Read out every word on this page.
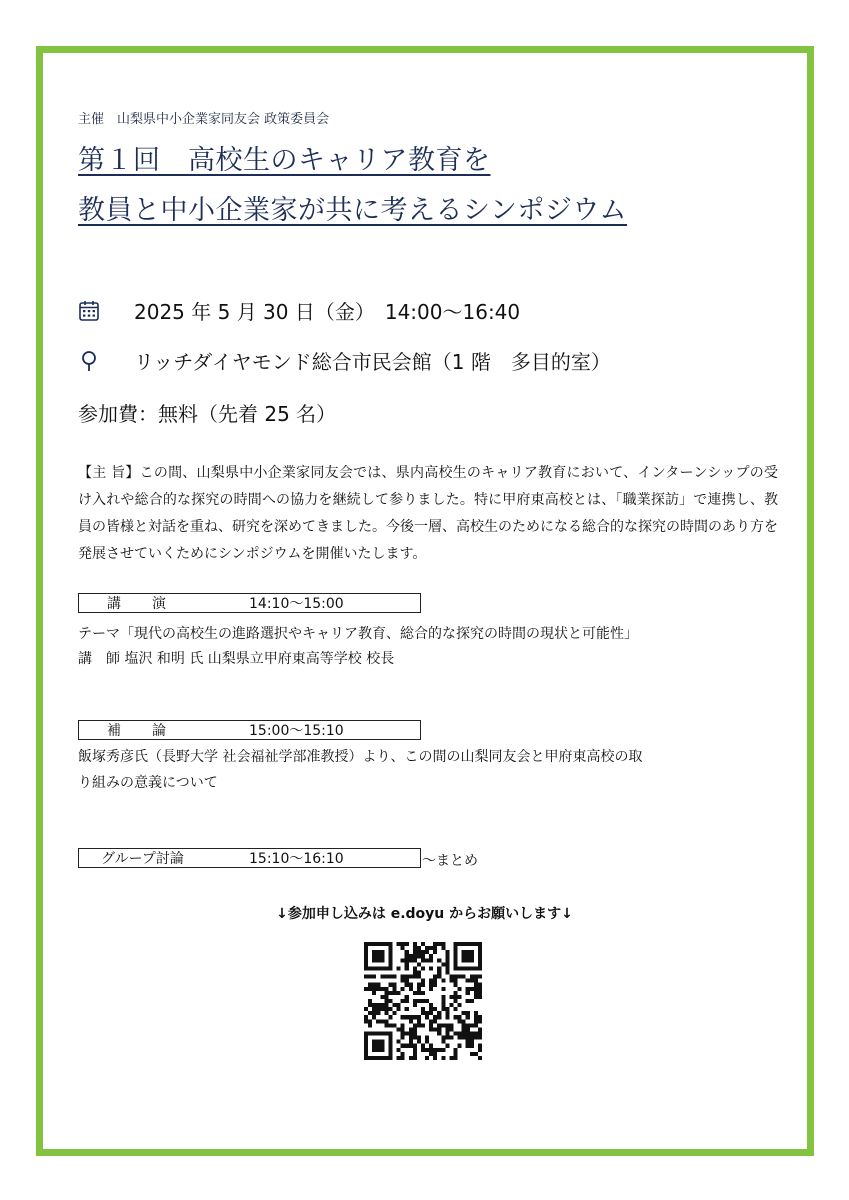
主催　山梨県中小企業家同友会 政策委員会
第１回　高校生のキャリア教育を
教員と中小企業家が共に考えるシンポジウム
2025 年 5 月 30 日（金）　14:00～16:40
リッチダイヤモンド総合市民会館（1 階　多目的室）
参加費：無料（先着 25 名）
【主 旨】この間、山梨県中小企業家同友会では、県内高校生のキャリア教育において、インターンシップの受け入れや総合的な探究の時間への協力を継続して参りました。特に甲府東高校とは、「職業探訪」で連携し、教員の皆様と対話を重ね、研究を深めてきました。今後一層、高校生のためになる総合的な探究の時間のあり方を発展させていくためにシンポジウムを開催いたします。
講　　演	14:10～15:00
テーマ「現代の高校生の進路選択やキャリア教育、総合的な探究の時間の現状と可能性」
講　師 塩沢 和明 氏 山梨県立甲府東高等学校 校長
補　　論	15:00～15:10
飯塚秀彦氏（長野大学 社会福祉学部准教授）より、この間の山梨同友会と甲府東高校の取
り組みの意義について
グループ討論	15:10～16:10	～まとめ
↓参加申し込みは e.doyu からお願いします↓
